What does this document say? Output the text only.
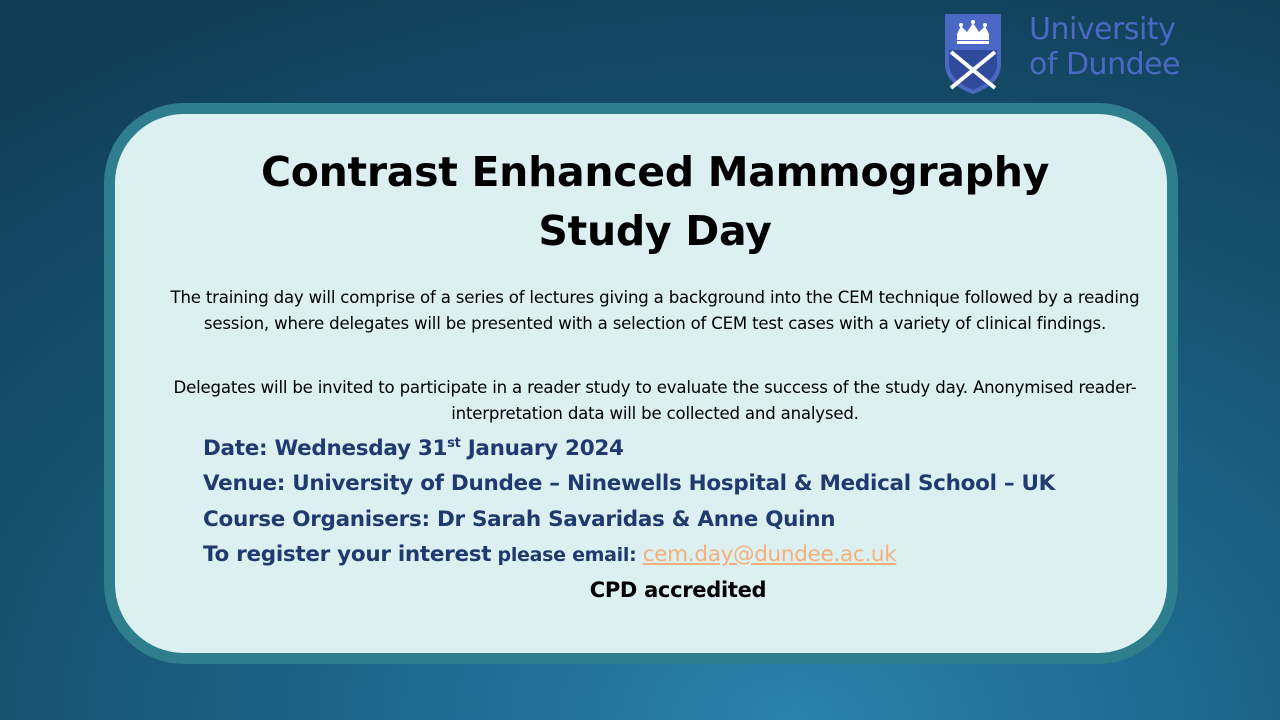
University
of Dundee
Contrast Enhanced Mammography
Study Day

The training day will comprise of a series of lectures giving a background into the CEM technique followed by a reading session, where delegates will be presented with a selection of CEM test cases with a variety of clinical findings.

Delegates will be invited to participate in a reader study to evaluate the success of the study day. Anonymised reader-interpretation data will be collected and analysed.

Date: Wednesday 31st January 2024

Venue: University of Dundee – Ninewells Hospital & Medical School – UK

Course Organisers: Dr Sarah Savaridas & Anne Quinn

To register your interest please email: cem.day@dundee.ac.uk

CPD accredited
